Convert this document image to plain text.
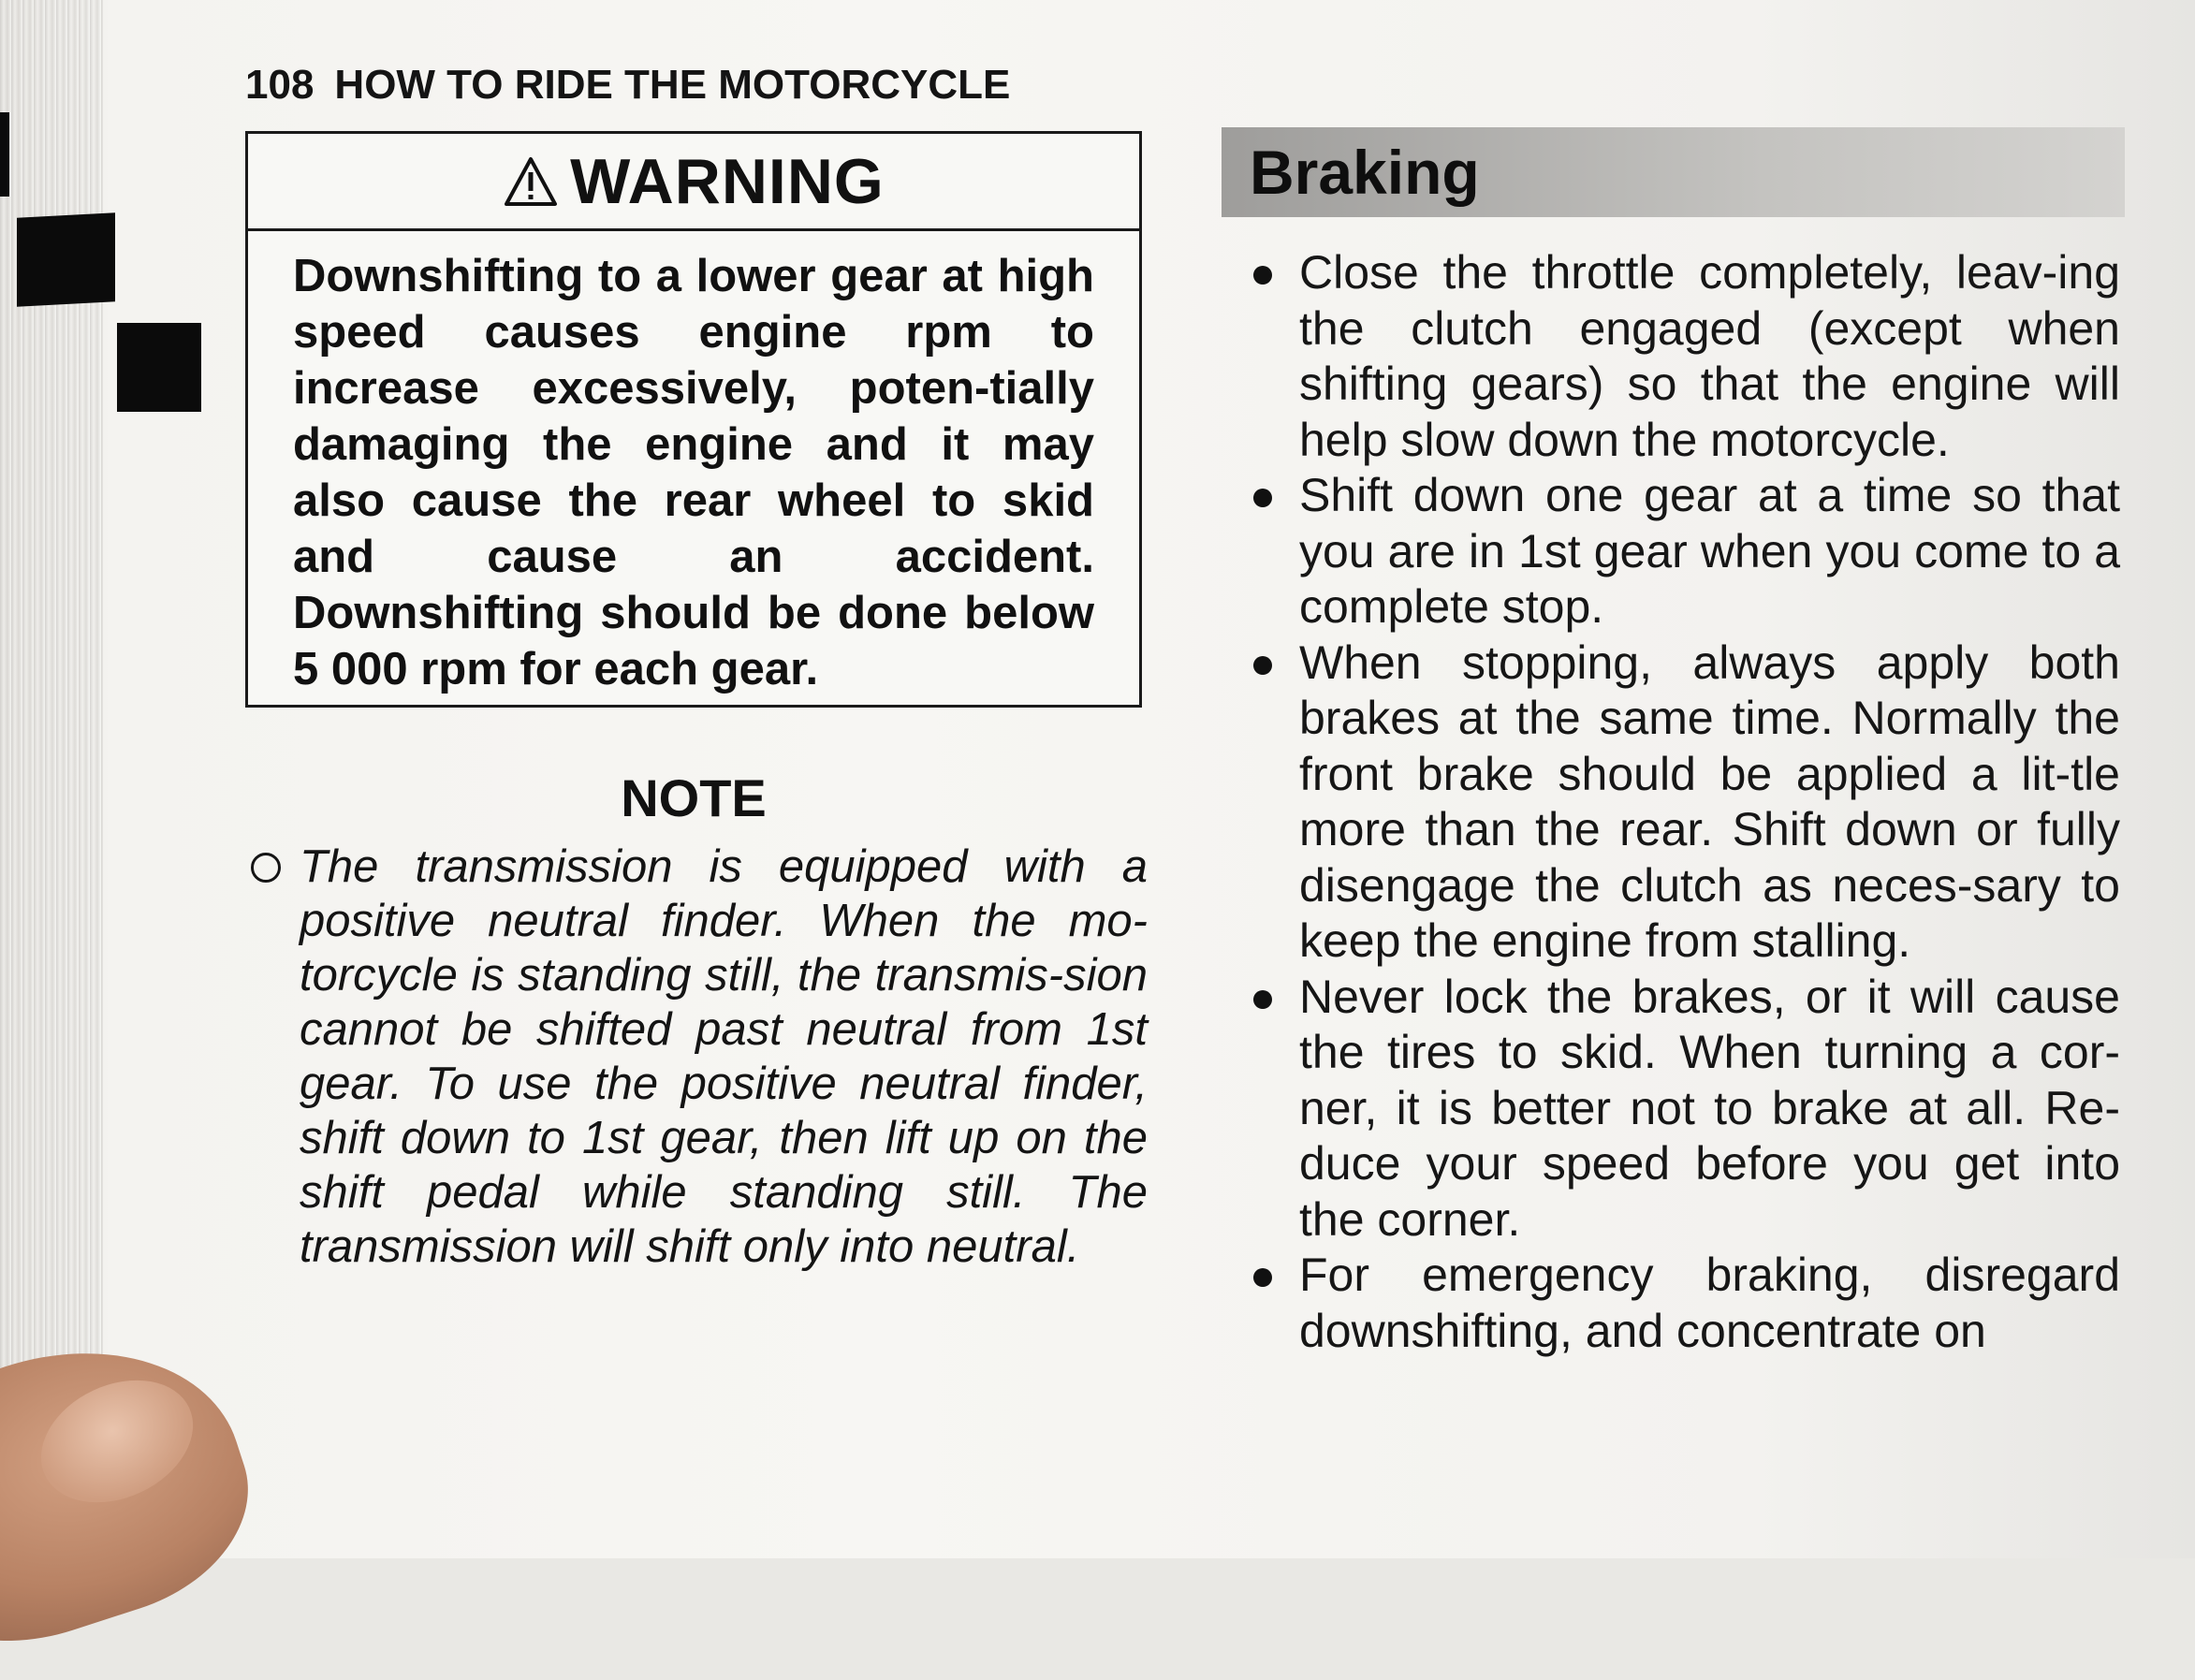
108 HOW TO RIDE THE MOTORCYCLE
WARNING
Downshifting to a lower gear at high speed causes engine rpm to increase excessively, poten-tially damaging the engine and it may also cause the rear wheel to skid and cause an accident. Downshifting should be done below 5 000 rpm for each gear.
NOTE
The transmission is equipped with a positive neutral finder. When the mo-torcycle is standing still, the transmis-sion cannot be shifted past neutral from 1st gear. To use the positive neutral finder, shift down to 1st gear, then lift up on the shift pedal while standing still. The transmission will shift only into neutral.
Braking
Close the throttle completely, leav-ing the clutch engaged (except when shifting gears) so that the engine will help slow down the motorcycle.
Shift down one gear at a time so that you are in 1st gear when you come to a complete stop.
When stopping, always apply both brakes at the same time. Normally the front brake should be applied a lit-tle more than the rear. Shift down or fully disengage the clutch as neces-sary to keep the engine from stalling.
Never lock the brakes, or it will cause the tires to skid. When turning a cor-ner, it is better not to brake at all. Re-duce your speed before you get into the corner.
For emergency braking, disregard downshifting, and concentrate on
